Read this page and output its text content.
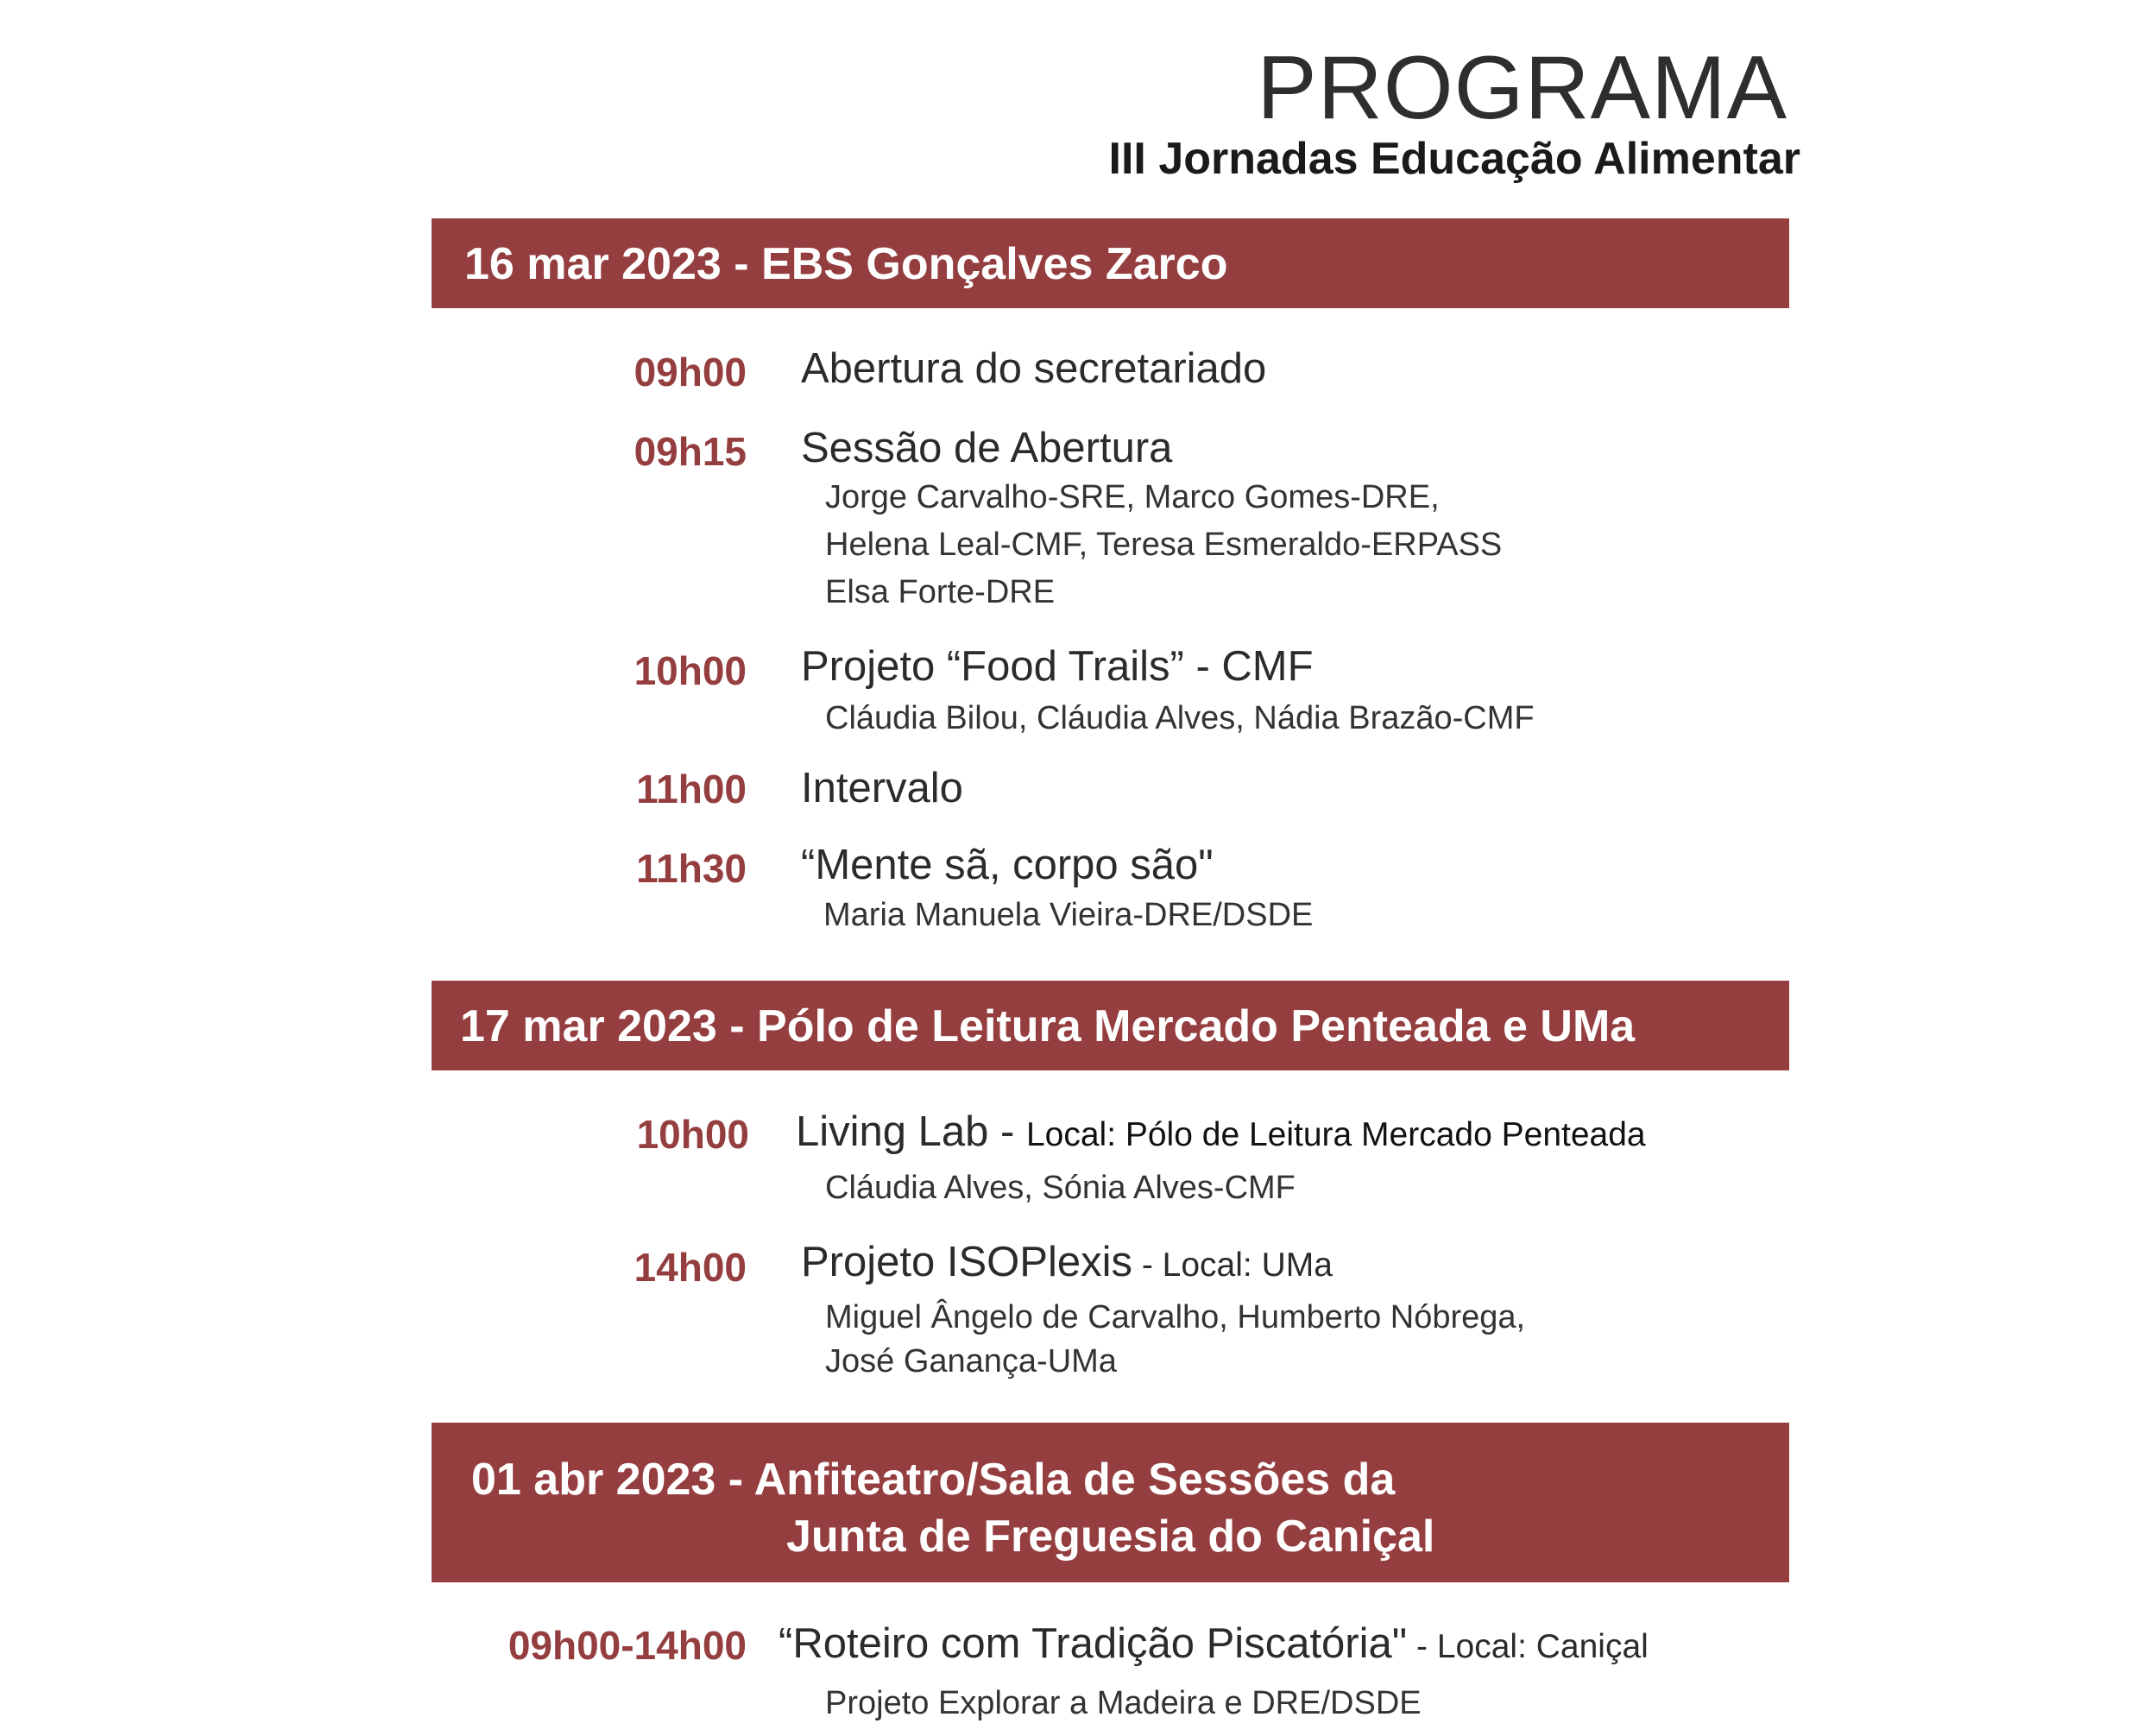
PROGRAMA
III Jornadas Educação Alimentar
16 mar 2023 - EBS Gonçalves Zarco
09h00 Abertura do secretariado
09h15 Sessão de Abertura
Jorge Carvalho-SRE, Marco Gomes-DRE,
Helena Leal-CMF, Teresa Esmeraldo-ERPASS
Elsa Forte-DRE
10h00 Projeto “Food Trails” - CMF
Cláudia Bilou, Cláudia Alves, Nádia Brazão-CMF
11h00 Intervalo
11h30 “Mente sã, corpo são"
Maria Manuela Vieira-DRE/DSDE
17 mar 2023 - Pólo de Leitura Mercado Penteada e UMa
10h00 Living Lab - Local: Pólo de Leitura Mercado Penteada
Cláudia Alves, Sónia Alves-CMF
14h00 Projeto ISOPlexis - Local: UMa
Miguel Ângelo de Carvalho, Humberto Nóbrega,
José Ganança-UMa
01 abr 2023 - Anfiteatro/Sala de Sessões da
Junta de Freguesia do Caniçal
09h00-14h00 “Roteiro com Tradição Piscatória" - Local: Caniçal
Projeto Explorar a Madeira e DRE/DSDE
